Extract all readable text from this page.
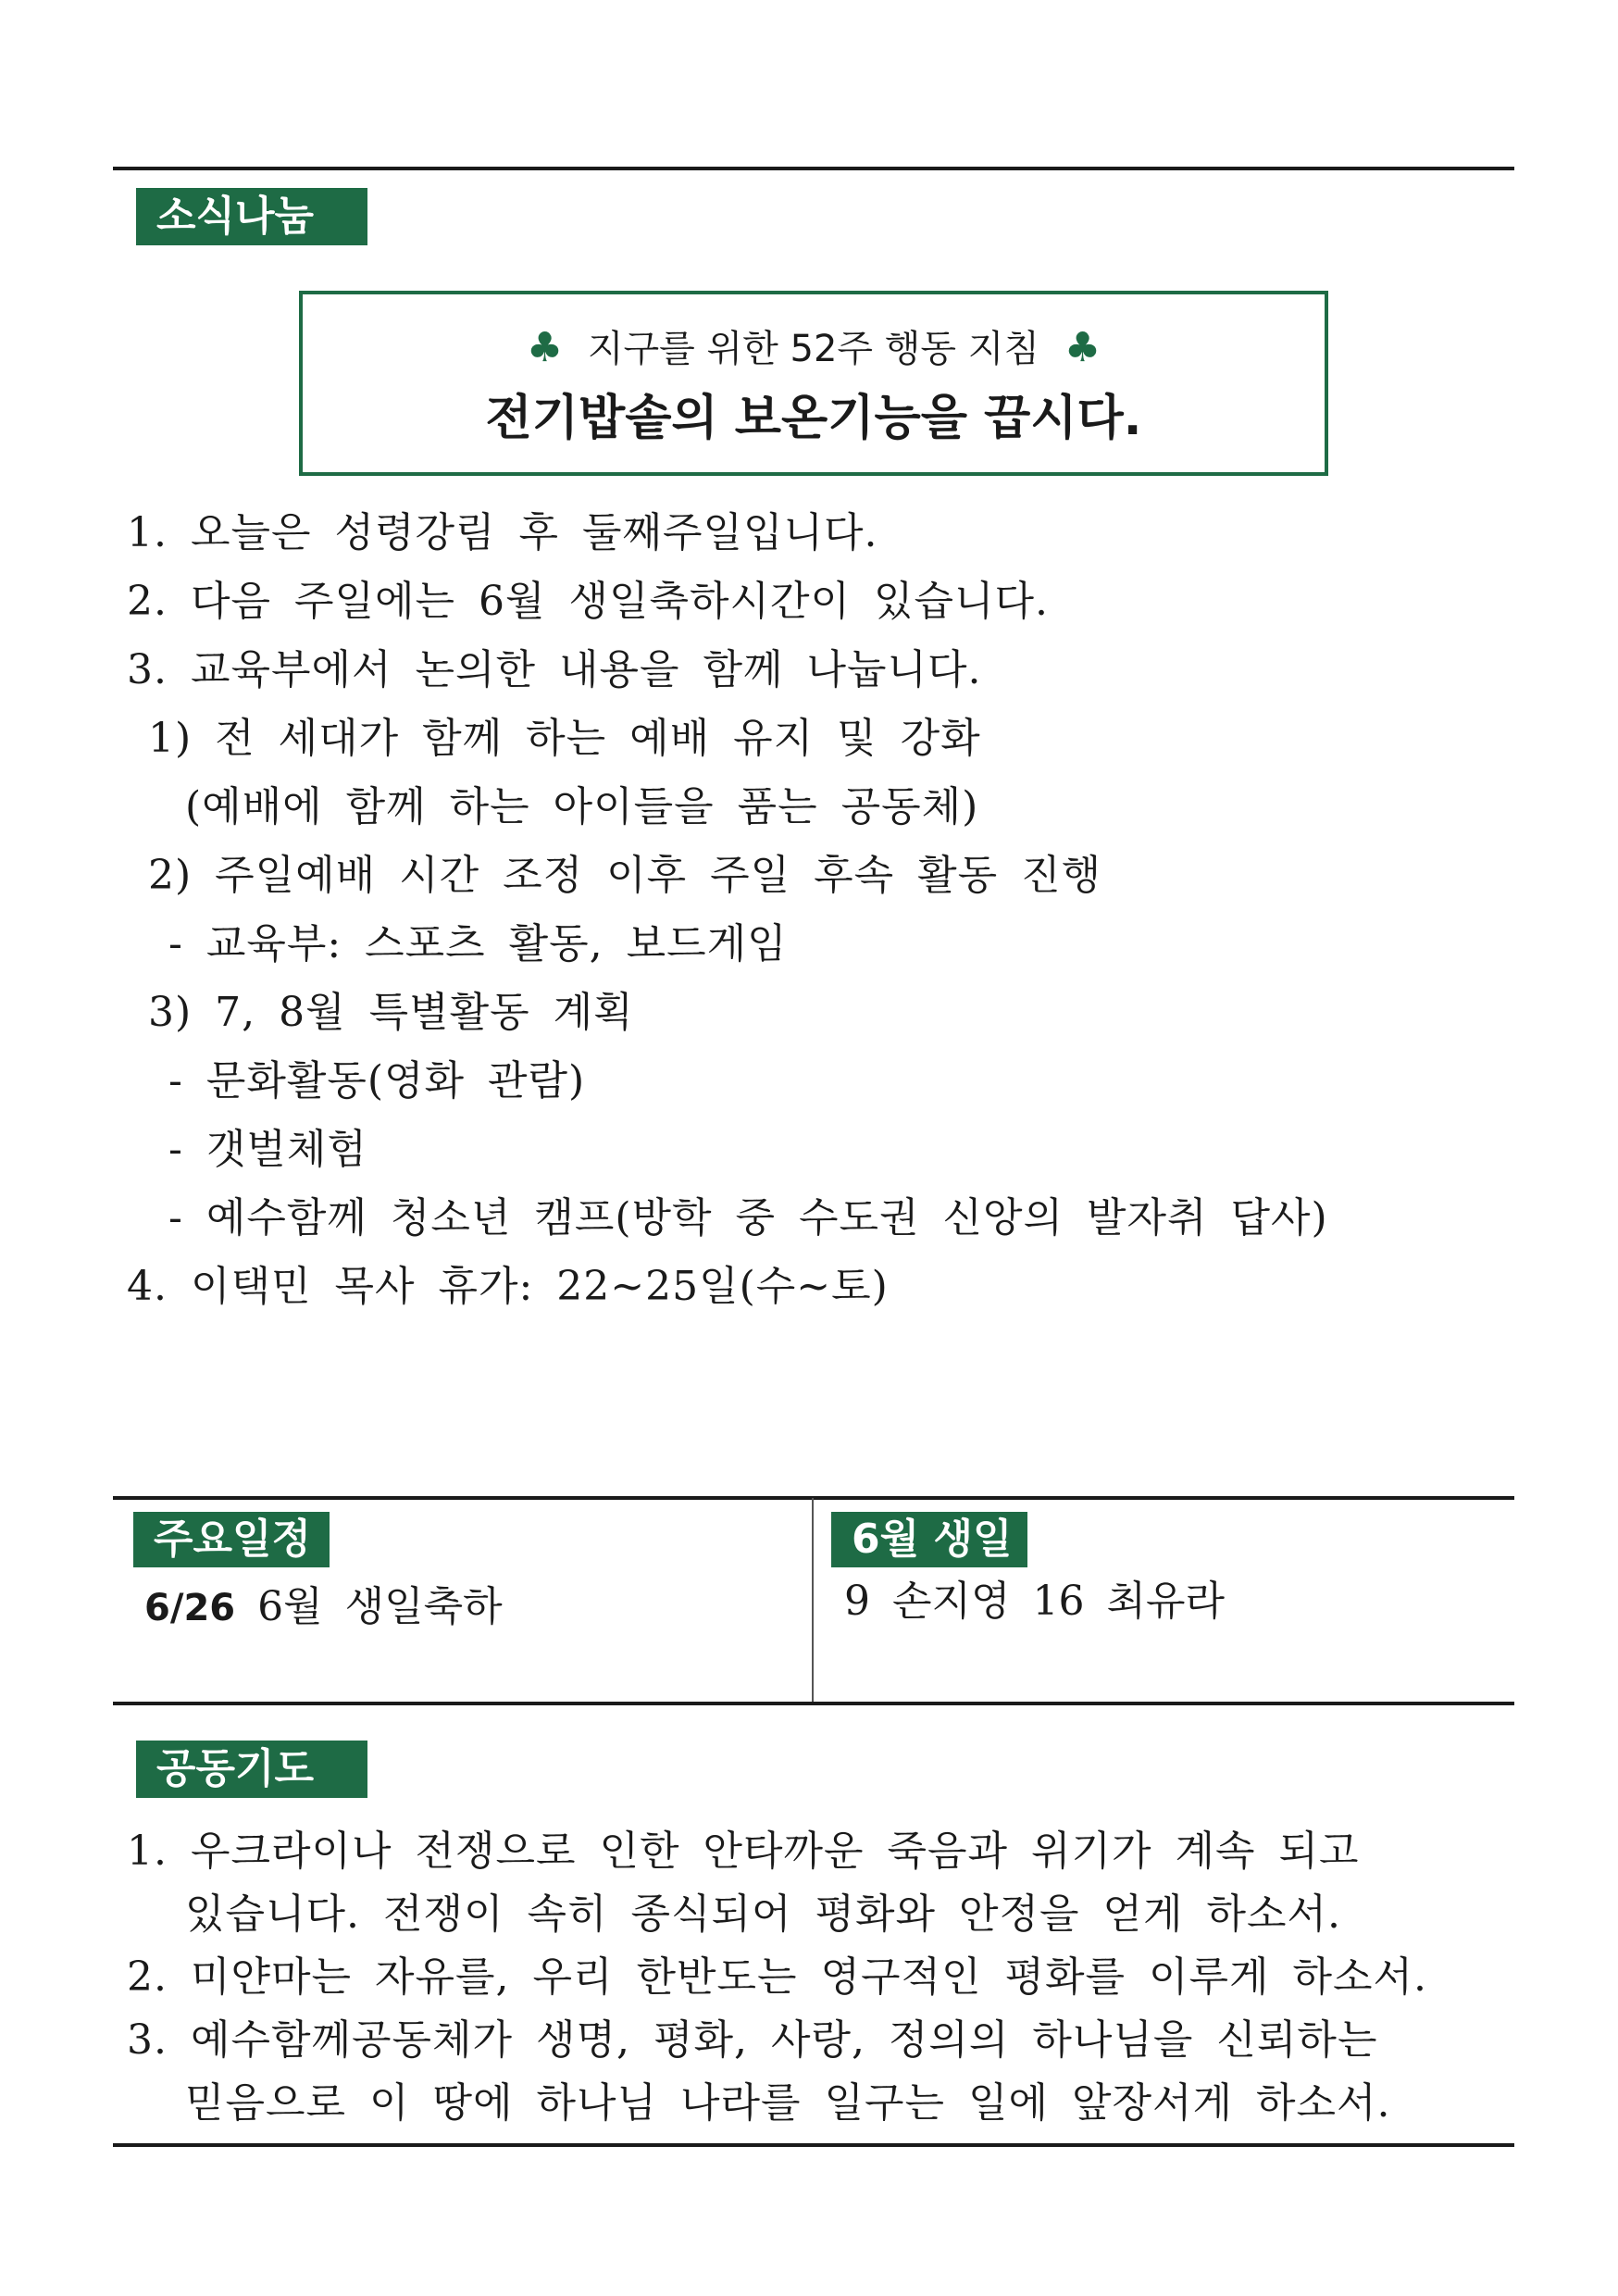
소식나눔
♣ 지구를 위한 52주 행동 지침 ♣
전기밥솥의 보온기능을 끕시다.
1. 오늘은 성령강림 후 둘째주일입니다.
2. 다음 주일에는 6월 생일축하시간이 있습니다.
3. 교육부에서 논의한 내용을 함께 나눕니다.
1) 전 세대가 함께 하는 예배 유지 및 강화
(예배에 함께 하는 아이들을 품는 공동체)
2) 주일예배 시간 조정 이후 주일 후속 활동 진행
- 교육부: 스포츠 활동, 보드게임
3) 7, 8월 특별활동 계획
- 문화활동(영화 관람)
- 갯벌체험
- 예수함께 청소년 캠프(방학 중 수도권 신앙의 발자취 답사)
4. 이택민 목사 휴가: 22~25일(수~토)
주요일정
6/26 6월 생일축하
6월 생일
9 손지영 16 최유라
공동기도
1. 우크라이나 전쟁으로 인한 안타까운 죽음과 위기가 계속 되고
있습니다. 전쟁이 속히 종식되어 평화와 안정을 얻게 하소서.
2. 미얀마는 자유를, 우리 한반도는 영구적인 평화를 이루게 하소서.
3. 예수함께공동체가 생명, 평화, 사랑, 정의의 하나님을 신뢰하는
믿음으로 이 땅에 하나님 나라를 일구는 일에 앞장서게 하소서.
